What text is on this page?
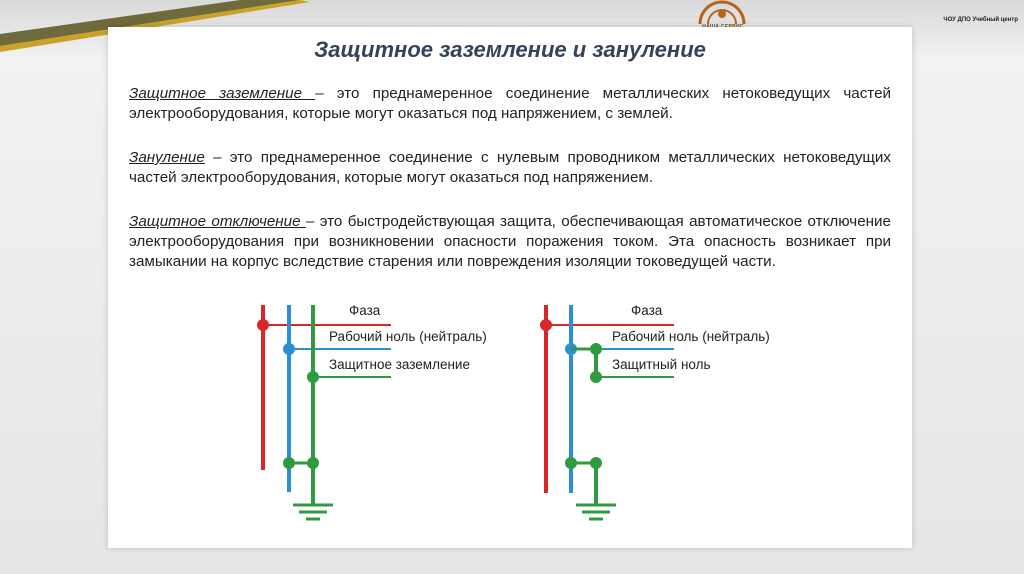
ЧОУ ДПО Учебный центр
Защитное заземление и зануление
Защитное заземление – это преднамеренное соединение металлических нетоковедущих частей электрооборудования, которые могут оказаться под напряжением, с землей.
Зануление – это преднамеренное соединение с нулевым проводником металлических нетоковедущих частей электрооборудования, которые могут оказаться под напряжением.
Защитное отключение – это быстродействующая защита, обеспечивающая автоматическое отключение электрооборудования при возникновении опасности поражения током. Эта опасность возникает при замыкании на корпус вследствие старения или повреждения изоляции токоведущей части.
Фаза
Рабочий ноль (нейтраль)
Защитное заземление
Фаза
Рабочий ноль (нейтраль)
Защитный ноль
